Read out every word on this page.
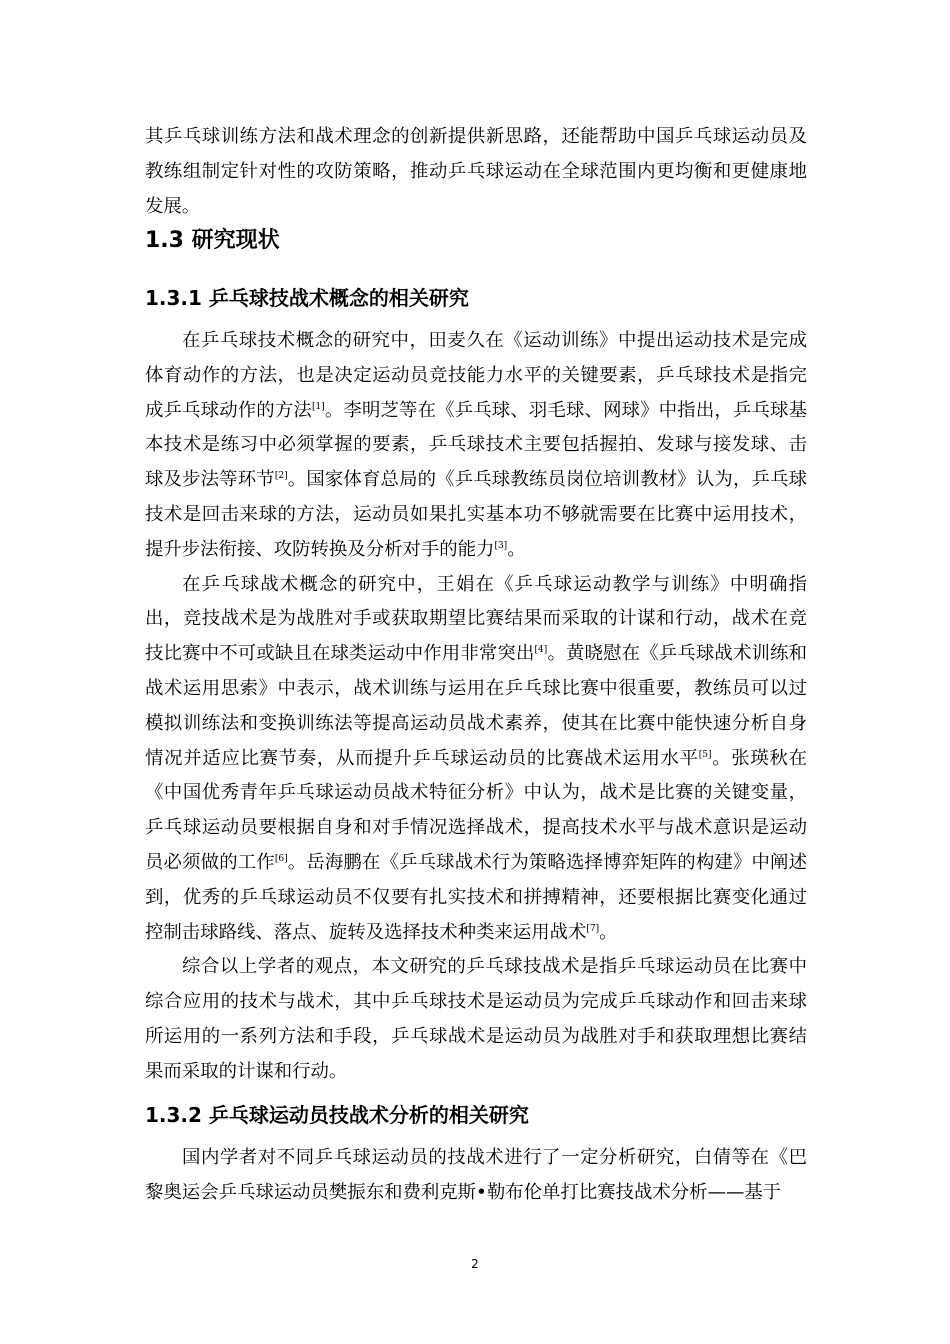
其乒乓球训练方法和战术理念的创新提供新思路，还能帮助中国乒乓球运动员及教练组制定针对性的攻防策略，推动乒乓球运动在全球范围内更均衡和更健康地发展。

1.3 研究现状
1.3.1 乒乓球技战术概念的相关研究

在乒乓球技术概念的研究中，田麦久在《运动训练》中提出运动技术是完成体育动作的方法，也是决定运动员竞技能力水平的关键要素，乒乓球技术是指完成乒乓球动作的方法[1]。李明芝等在《乒乓球、羽毛球、网球》中指出，乒乓球基本技术是练习中必须掌握的要素，乒乓球技术主要包括握拍、发球与接发球、击球及步法等环节[2]。国家体育总局的《乒乓球教练员岗位培训教材》认为，乒乓球技术是回击来球的方法，运动员如果扎实基本功不够就需要在比赛中运用技术，提升步法衔接、攻防转换及分析对手的能力[3]。

在乒乓球战术概念的研究中，王娟在《乒乓球运动教学与训练》中明确指出，竞技战术是为战胜对手或获取期望比赛结果而采取的计谋和行动，战术在竞技比赛中不可或缺且在球类运动中作用非常突出[4]。黄晓慰在《乒乓球战术训练和战术运用思索》中表示，战术训练与运用在乒乓球比赛中很重要，教练员可以过模拟训练法和变换训练法等提高运动员战术素养，使其在比赛中能快速分析自身情况并适应比赛节奏，从而提升乒乓球运动员的比赛战术运用水平[5]。张瑛秋在《中国优秀青年乒乓球运动员战术特征分析》中认为，战术是比赛的关键变量，乒乓球运动员要根据自身和对手情况选择战术，提高技术水平与战术意识是运动员必须做的工作[6]。岳海鹏在《乒乓球战术行为策略选择博弈矩阵的构建》中阐述到，优秀的乒乓球运动员不仅要有扎实技术和拼搏精神，还要根据比赛变化通过控制击球路线、落点、旋转及选择技术种类来运用战术[7]。

综合以上学者的观点，本文研究的乒乓球技战术是指乒乓球运动员在比赛中综合应用的技术与战术，其中乒乓球技术是运动员为完成乒乓球动作和回击来球所运用的一系列方法和手段，乒乓球战术是运动员为战胜对手和获取理想比赛结果而采取的计谋和行动。

1.3.2 乒乓球运动员技战术分析的相关研究

国内学者对不同乒乓球运动员的技战术进行了一定分析研究，白倩等在《巴黎奥运会乒乓球运动员樊振东和费利克斯•勒布伦单打比赛技战术分析——基于

2
